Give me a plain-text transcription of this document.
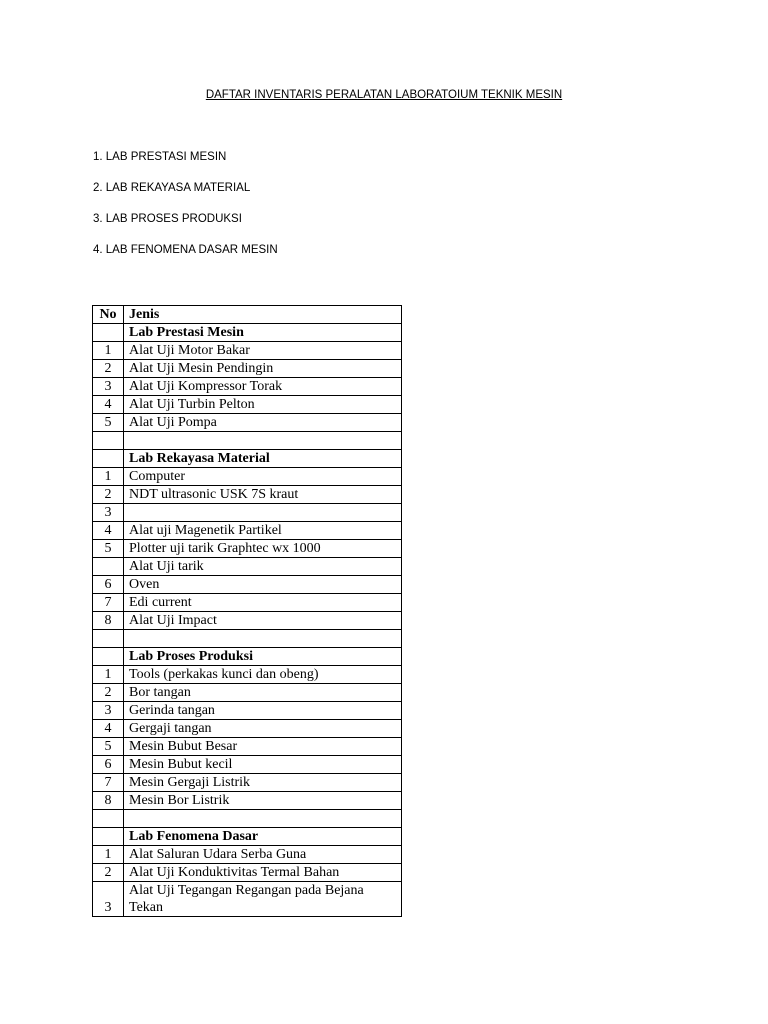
DAFTAR INVENTARIS PERALATAN LABORATOIUM TEKNIK MESIN
1. LAB PRESTASI MESIN
2. LAB REKAYASA MATERIAL
3. LAB PROSES PRODUKSI
4. LAB FENOMENA DASAR MESIN
No	Jenis
	Lab Prestasi Mesin
1	Alat Uji Motor Bakar
2	Alat Uji Mesin Pendingin
3	Alat Uji Kompressor Torak
4	Alat Uji Turbin Pelton
5	Alat Uji Pompa

	Lab Rekayasa Material
1	Computer
2	NDT ultrasonic USK 7S kraut
3	
4	Alat uji Magenetik Partikel
5	Plotter uji tarik Graphtec wx 1000
	Alat Uji tarik
6	Oven
7	Edi current
8	Alat Uji Impact

	Lab Proses Produksi
1	Tools (perkakas kunci dan obeng)
2	Bor tangan
3	Gerinda tangan
4	Gergaji tangan
5	Mesin Bubut Besar
6	Mesin Bubut kecil
7	Mesin Gergaji Listrik
8	Mesin Bor Listrik

	Lab Fenomena Dasar
1	Alat Saluran Udara Serba Guna
2	Alat Uji Konduktivitas Termal Bahan
3	Alat Uji Tegangan Regangan pada Bejana Tekan
